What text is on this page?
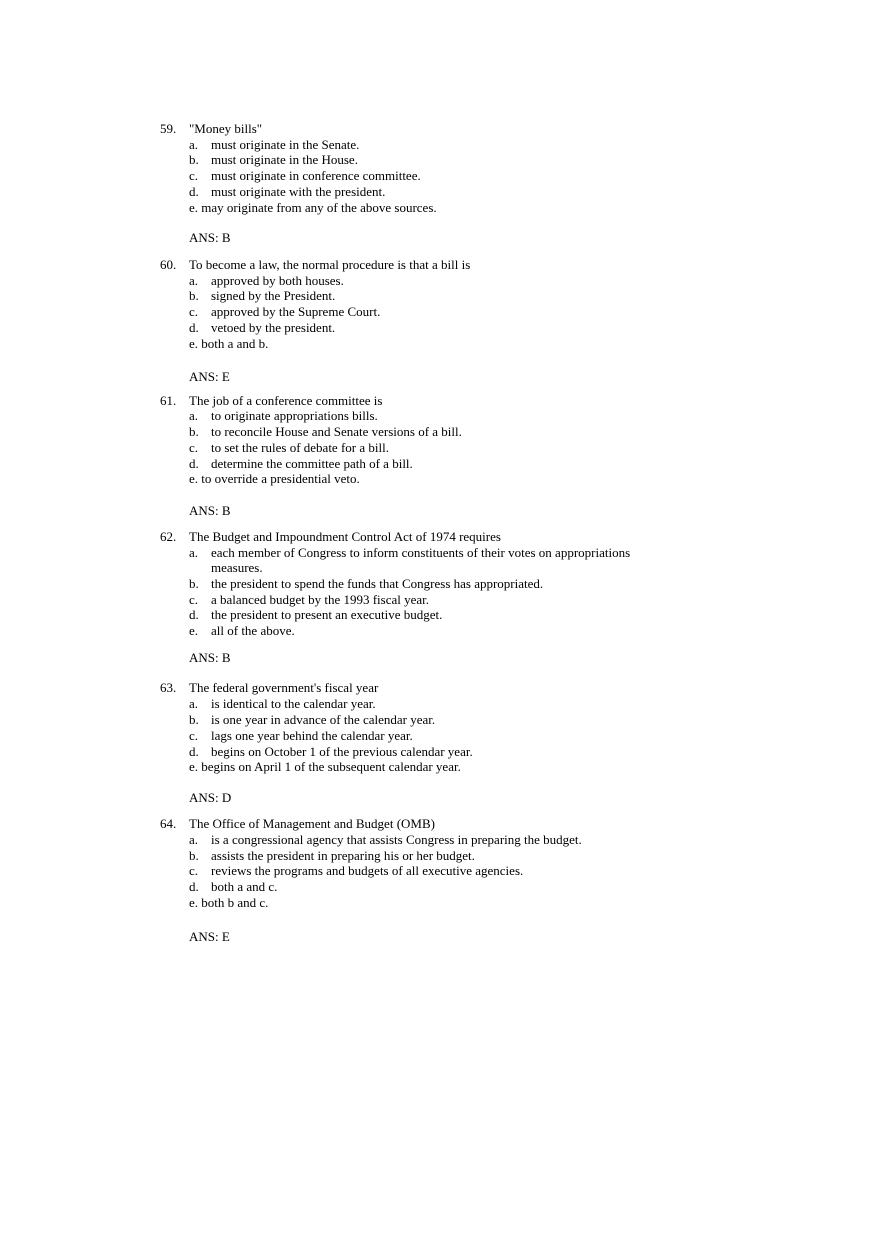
59. "Money bills"
a. must originate in the Senate.
b. must originate in the House.
c. must originate in conference committee.
d. must originate with the president.
e. may originate from any of the above sources.
ANS: B
60. To become a law, the normal procedure is that a bill is
a. approved by both houses.
b. signed by the President.
c. approved by the Supreme Court.
d. vetoed by the president.
e. both a and b.
ANS: E
61. The job of a conference committee is
a. to originate appropriations bills.
b. to reconcile House and Senate versions of a bill.
c. to set the rules of debate for a bill.
d. determine the committee path of a bill.
e. to override a presidential veto.
ANS: B
62. The Budget and Impoundment Control Act of 1974 requires
a. each member of Congress to inform constituents of their votes on appropriations
measures.
b. the president to spend the funds that Congress has appropriated.
c. a balanced budget by the 1993 fiscal year.
d. the president to present an executive budget.
e. all of the above.
ANS: B
63. The federal government's fiscal year
a. is identical to the calendar year.
b. is one year in advance of the calendar year.
c. lags one year behind the calendar year.
d. begins on October 1 of the previous calendar year.
e. begins on April 1 of the subsequent calendar year.
ANS: D
64. The Office of Management and Budget (OMB)
a. is a congressional agency that assists Congress in preparing the budget.
b. assists the president in preparing his or her budget.
c. reviews the programs and budgets of all executive agencies.
d. both a and c.
e. both b and c.
ANS: E
